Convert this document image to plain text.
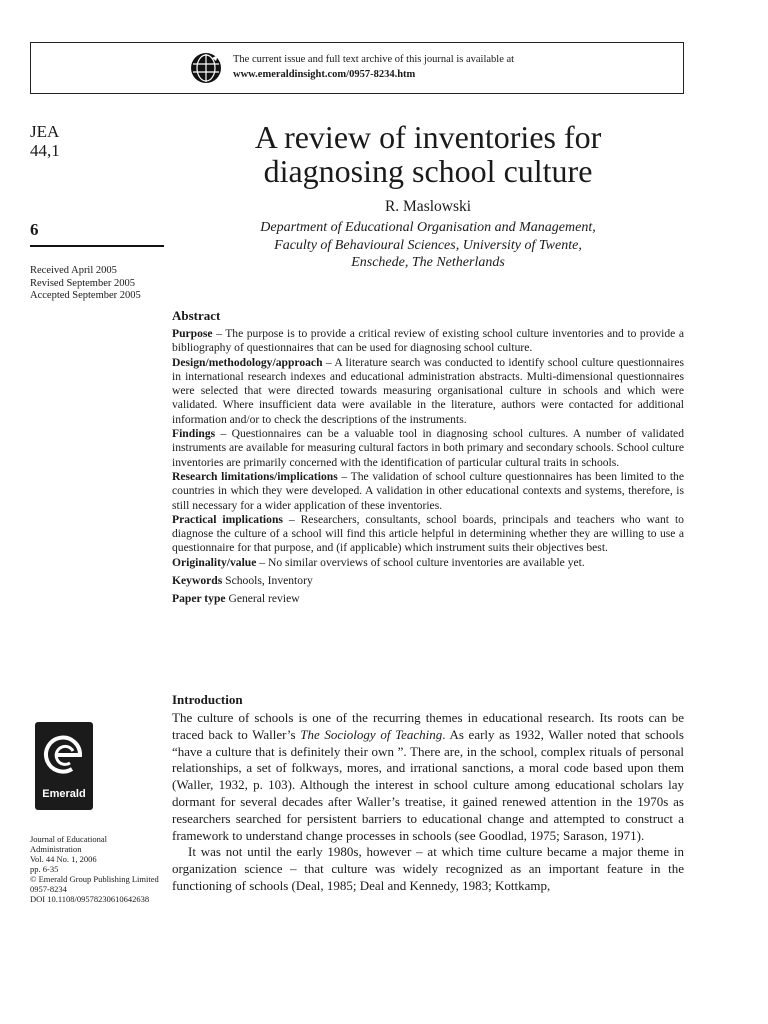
The current issue and full text archive of this journal is available at
www.emeraldinsight.com/0957-8234.htm
JEA
44,1
6
Received April 2005
Revised September 2005
Accepted September 2005
Emerald
Journal of Educational
Administration
Vol. 44 No. 1, 2006
pp. 6-35
© Emerald Group Publishing Limited
0957-8234
DOI 10.1108/09578230610642638
A review of inventories for
diagnosing school culture
R. Maslowski
Department of Educational Organisation and Management,
Faculty of Behavioural Sciences, University of Twente,
Enschede, The Netherlands
Abstract

Purpose – The purpose is to provide a critical review of existing school culture inventories and to provide a bibliography of questionnaires that can be used for diagnosing school culture.

Design/methodology/approach – A literature search was conducted to identify school culture questionnaires in international research indexes and educational administration abstracts. Multi-dimensional questionnaires were selected that were directed towards measuring organisational culture in schools and which were validated. Where insufficient data were available in the literature, authors were contacted for additional information and/or to check the descriptions of the instruments.

Findings – Questionnaires can be a valuable tool in diagnosing school cultures. A number of validated instruments are available for measuring cultural factors in both primary and secondary schools. School culture inventories are primarily concerned with the identification of particular cultural traits in schools.

Research limitations/implications – The validation of school culture questionnaires has been limited to the countries in which they were developed. A validation in other educational contexts and systems, therefore, is still necessary for a wider application of these inventories.

Practical implications – Researchers, consultants, school boards, principals and teachers who want to diagnose the culture of a school will find this article helpful in determining whether they are willing to use a questionnaire for that purpose, and (if applicable) which instrument suits their objectives best.

Originality/value – No similar overviews of school culture inventories are available yet.

Keywords Schools, Inventory

Paper type General review

Introduction

The culture of schools is one of the recurring themes in educational research. Its roots can be traced back to Waller’s The Sociology of Teaching. As early as 1932, Waller noted that schools “have a culture that is definitely their own ”. There are, in the school, complex rituals of personal relationships, a set of folkways, mores, and irrational sanctions, a moral code based upon them (Waller, 1932, p. 103). Although the interest in school culture among educational scholars lay dormant for several decades after Waller’s treatise, it gained renewed attention in the 1970s as researchers searched for persistent barriers to educational change and attempted to construct a framework to understand change processes in schools (see Goodlad, 1975; Sarason, 1971).

It was not until the early 1980s, however – at which time culture became a major theme in organization science – that culture was widely recognized as an important feature in the functioning of schools (Deal, 1985; Deal and Kennedy, 1983; Kottkamp,
